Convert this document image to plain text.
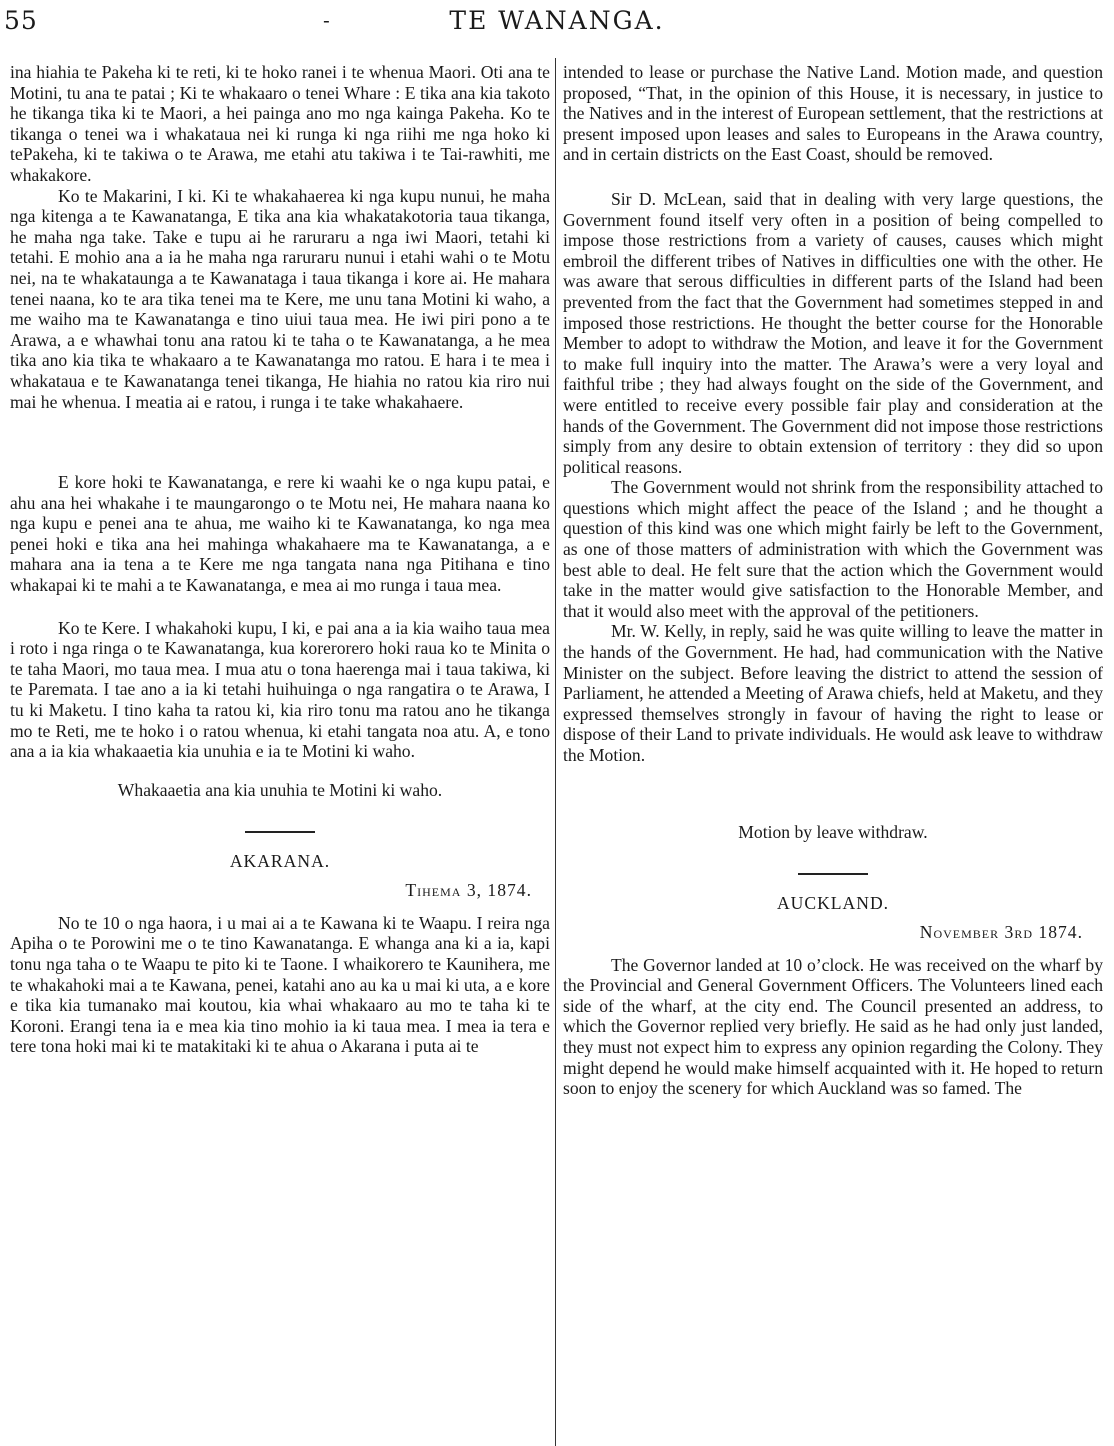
55	-	TE WANANGA.

ina hiahia te Pakeha ki te reti, ki te hoko ranei i te whenua Maori. Oti ana te Motini, tu ana te patai ; Ki te whakaaro o tenei Whare : E tika ana kia takoto he tikanga tika ki te Maori, a hei painga ano mo nga kainga Pakeha. Ko te tikanga o tenei wa i whakataua nei ki runga ki nga riihi me nga hoko ki tePakeha, ki te takiwa o te Arawa, me etahi atu takiwa i te Tai-rawhiti, me whakakore.

Ko te Makarini, I ki. Ki te whakahaerea ki nga kupu nunui, he maha nga kitenga a te Kawanatanga, E tika ana kia whakatakotoria taua tikanga, he maha nga take. Take e tupu ai he raruraru a nga iwi Maori, tetahi ki tetahi. E mohio ana a ia he maha nga raruraru nunui i etahi wahi o te Motu nei, na te whakataunga a te Kawanataga i taua tikanga i kore ai. He mahara tenei naana, ko te ara tika tenei ma te Kere, me unu tana Motini ki waho, a me waiho ma te Kawanatanga e tino uiui taua mea. He iwi piri pono a te Arawa, a e whawhai tonu ana ratou ki te taha o te Kawanatanga, a he mea tika ano kia tika te whakaaro a te Kawanatanga mo ratou. E hara i te mea i whakataua e te Kawanatanga tenei tikanga, He hiahia no ratou kia riro nui mai he whenua. I meatia ai e ratou, i runga i te take whakahaere.

E kore hoki te Kawanatanga, e rere ki waahi ke o nga kupu patai, e ahu ana hei whakahe i te maungarongo o te Motu nei, He mahara naana ko nga kupu e penei ana te ahua, me waiho ki te Kawanatanga, ko nga mea penei hoki e tika ana hei mahinga whakahaere ma te Kawanatanga, a e mahara ana ia tena a te Kere me nga tangata nana nga Pitihana e tino whakapai ki te mahi a te Kawanatanga, e mea ai mo runga i taua mea.

Ko te Kere. I whakahoki kupu, I ki, e pai ana a ia kia waiho taua mea i roto i nga ringa o te Kawanatanga, kua korerorero hoki raua ko te Minita o te taha Maori, mo taua mea. I mua atu o tona haerenga mai i taua takiwa, ki te Paremata. I tae ano a ia ki tetahi huihuinga o nga rangatira o te Arawa, I tu ki Maketu. I tino kaha ta ratou ki, kia riro tonu ma ratou ano he tikanga mo te Reti, me te hoko i o ratou whenua, ki etahi tangata noa atu. A, e tono ana a ia kia whakaaetia kia unuhia e ia te Motini ki waho.

Whakaaetia ana kia unuhia te Motini ki waho.

AKARANA.

Tihema 3, 1874.

No te 10 o nga haora, i u mai ai a te Kawana ki te Waapu. I reira nga Apiha o te Porowini me o te tino Kawanatanga. E whanga ana ki a ia, kapi tonu nga taha o te Waapu te pito ki te Taone. I whaikorero te Kaunihera, me te whakahoki mai a te Kawana, penei, katahi ano au ka u mai ki uta, a e kore e tika kia tumanako mai koutou, kia whai whakaaro au mo te taha ki te Koroni. Erangi tena ia e mea kia tino mohio ia ki taua mea. I mea ia tera e tere tona hoki mai ki te matakitaki ki te ahua o Akarana i puta ai te

intended to lease or purchase the Native Land. Motion made, and question proposed, “That, in the opinion of this House, it is necessary, in justice to the Natives and in the interest of European settlement, that the restrictions at present imposed upon leases and sales to Europeans in the Arawa country, and in certain districts on the East Coast, should be removed.

Sir D. McLean, said that in dealing with very large questions, the Government found itself very often in a position of being compelled to impose those restrictions from a variety of causes, causes which might embroil the different tribes of Natives in difficulties one with the other. He was aware that serous difficulties in different parts of the Island had been prevented from the fact that the Government had sometimes stepped in and imposed those restrictions. He thought the better course for the Honorable Member to adopt to withdraw the Motion, and leave it for the Government to make full inquiry into the matter. The Arawa’s were a very loyal and faithful tribe ; they had always fought on the side of the Government, and were entitled to receive every possible fair play and consideration at the hands of the Government. The Government did not impose those restrictions simply from any desire to obtain extension of territory : they did so upon political reasons.

The Government would not shrink from the responsibility attached to questions which might affect the peace of the Island ; and he thought a question of this kind was one which might fairly be left to the Government, as one of those matters of administration with which the Government was best able to deal. He felt sure that the action which the Government would take in the matter would give satisfaction to the Honorable Member, and that it would also meet with the approval of the petitioners.

Mr. W. Kelly, in reply, said he was quite willing to leave the matter in the hands of the Government. He had, had communication with the Native Minister on the subject. Before leaving the district to attend the session of Parliament, he attended a Meeting of Arawa chiefs, held at Maketu, and they expressed themselves strongly in favour of having the right to lease or dispose of their Land to private individuals. He would ask leave to withdraw the Motion.

Motion by leave withdraw.

AUCKLAND.

November 3rd 1874.

The Governor landed at 10 o’clock. He was received on the wharf by the Provincial and General Government Officers. The Volunteers lined each side of the wharf, at the city end. The Council presented an address, to which the Governor replied very briefly. He said as he had only just landed, they must not expect him to express any opinion regarding the Colony. They might depend he would make himself acquainted with it. He hoped to return soon to enjoy the scenery for which Auckland was so famed. The
